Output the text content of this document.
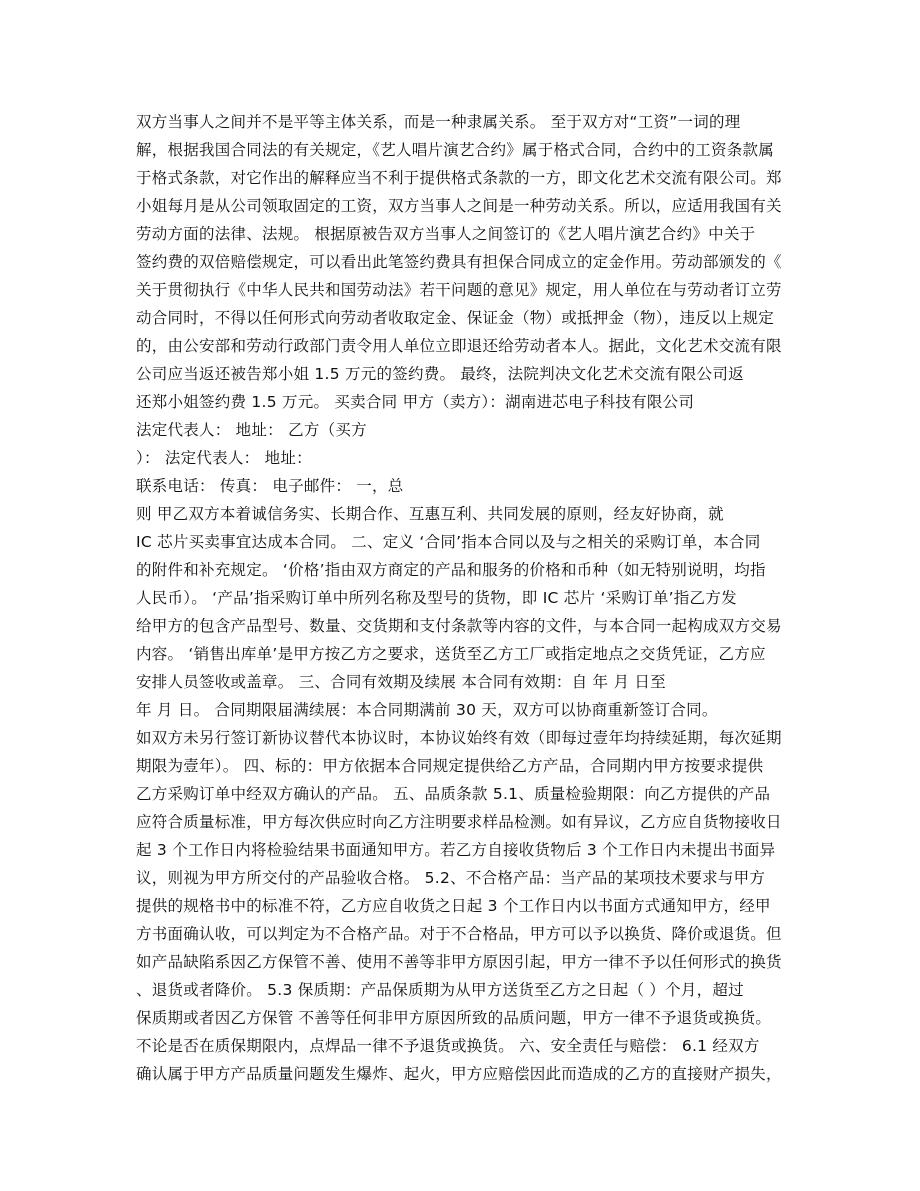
双方当事人之间并不是平等主体关系，而是一种隶属关系。 至于双方对“工资”一词的理
解，根据我国合同法的有关规定，《艺人唱片演艺合约》属于格式合同，合约中的工资条款属
于格式条款，对它作出的解释应当不利于提供格式条款的一方，即文化艺术交流有限公司。郑
小姐每月是从公司领取固定的工资，双方当事人之间是一种劳动关系。所以，应适用我国有关
劳动方面的法律、法规。 根据原被告双方当事人之间签订的《艺人唱片演艺合约》中关于
签约费的双倍赔偿规定，可以看出此笔签约费具有担保合同成立的定金作用。劳动部颁发的《
关于贯彻执行《中华人民共和国劳动法》若干问题的意见》规定，用人单位在与劳动者订立劳
动合同时，不得以任何形式向劳动者收取定金、保证金（物）或抵押金（物），违反以上规定
的，由公安部和劳动行政部门责令用人单位立即退还给劳动者本人。据此，文化艺术交流有限
公司应当返还被告郑小姐 1.5 万元的签约费。 最终，法院判决文化艺术交流有限公司返
还郑小姐签约费 1.5 万元。 买卖合同 甲方（卖方）：湖南进芯电子科技有限公司
法定代表人： 地址： 乙方（买方
）： 法定代表人： 地址：
联系电话： 传真： 电子邮件： 一，总
则 甲乙双方本着诚信务实、长期合作、互惠互利、共同发展的原则，经友好协商，就
IC 芯片买卖事宜达成本合同。 二、定义 ‘合同’指本合同以及与之相关的采购订单，本合同
的附件和补充规定。 ‘价格’指由双方商定的产品和服务的价格和币种（如无特别说明，均指
人民币）。 ‘产品’指采购订单中所列名称及型号的货物，即 IC 芯片 ‘采购订单’指乙方发
给甲方的包含产品型号、数量、交货期和支付条款等内容的文件，与本合同一起构成双方交易
内容。 ‘销售出库单’是甲方按乙方之要求，送货至乙方工厂或指定地点之交货凭证，乙方应
安排人员签收或盖章。 三、合同有效期及续展 本合同有效期：自 年 月 日至
年 月 日。 合同期限届满续展：本合同期满前 30 天，双方可以协商重新签订合同。
如双方未另行签订新协议替代本协议时，本协议始终有效（即每过壹年均持续延期，每次延期
期限为壹年）。 四、标的：甲方依据本合同规定提供给乙方产品，合同期内甲方按要求提供
乙方采购订单中经双方确认的产品。 五、品质条款 5.1、质量检验期限：向乙方提供的产品
应符合质量标准，甲方每次供应时向乙方注明要求样品检测。如有异议，乙方应自货物接收日
起 3 个工作日内将检验结果书面通知甲方。若乙方自接收货物后 3 个工作日内未提出书面异
议，则视为甲方所交付的产品验收合格。 5.2、不合格产品：当产品的某项技术要求与甲方
提供的规格书中的标准不符，乙方应自收货之日起 3 个工作日内以书面方式通知甲方，经甲
方书面确认收，可以判定为不合格产品。对于不合格品，甲方可以予以换货、降价或退货。但
如产品缺陷系因乙方保管不善、使用不善等非甲方原因引起，甲方一律不予以任何形式的换货
、退货或者降价。 5.3 保质期：产品保质期为从甲方送货至乙方之日起（ ）个月，超过
保质期或者因乙方保管 不善等任何非甲方原因所致的品质问题，甲方一律不予退货或换货。
不论是否在质保期限内，点焊品一律不予退货或换货。 六、安全责任与赔偿： 6.1 经双方
确认属于甲方产品质量问题发生爆炸、起火，甲方应赔偿因此而造成的乙方的直接财产损失，
